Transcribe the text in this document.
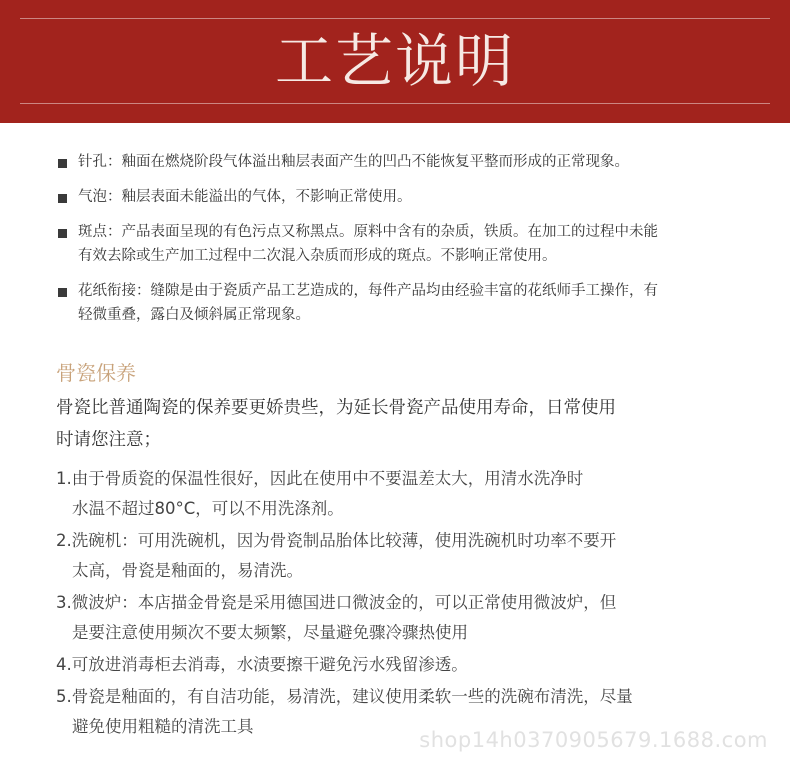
工艺说明
针孔：釉面在燃烧阶段气体溢出釉层表面产生的凹凸不能恢复平整而形成的正常现象。
气泡：釉层表面未能溢出的气体，不影响正常使用。
斑点：产品表面呈现的有色污点又称黑点。原料中含有的杂质，铁质。在加工的过程中未能
有效去除或生产加工过程中二次混入杂质而形成的斑点。不影响正常使用。
花纸衔接：缝隙是由于瓷质产品工艺造成的，每件产品均由经验丰富的花纸师手工操作，有
轻微重叠，露白及倾斜属正常现象。
骨瓷保养
骨瓷比普通陶瓷的保养要更娇贵些，为延长骨瓷产品使用寿命，日常使用
时请您注意；
1.由于骨质瓷的保温性很好，因此在使用中不要温差太大，用清水洗净时
水温不超过80°C，可以不用洗涤剂。
2.洗碗机：可用洗碗机，因为骨瓷制品胎体比较薄，使用洗碗机时功率不要开
太高，骨瓷是釉面的，易清洗。
3.微波炉：本店描金骨瓷是采用德国进口微波金的，可以正常使用微波炉，但
是要注意使用频次不要太频繁，尽量避免骤冷骤热使用
4.可放进消毒柜去消毒，水渍要擦干避免污水残留渗透。
5.骨瓷是釉面的，有自洁功能，易清洗，建议使用柔软一些的洗碗布清洗，尽量
避免使用粗糙的清洗工具
shop14h0370905679.1688.com
